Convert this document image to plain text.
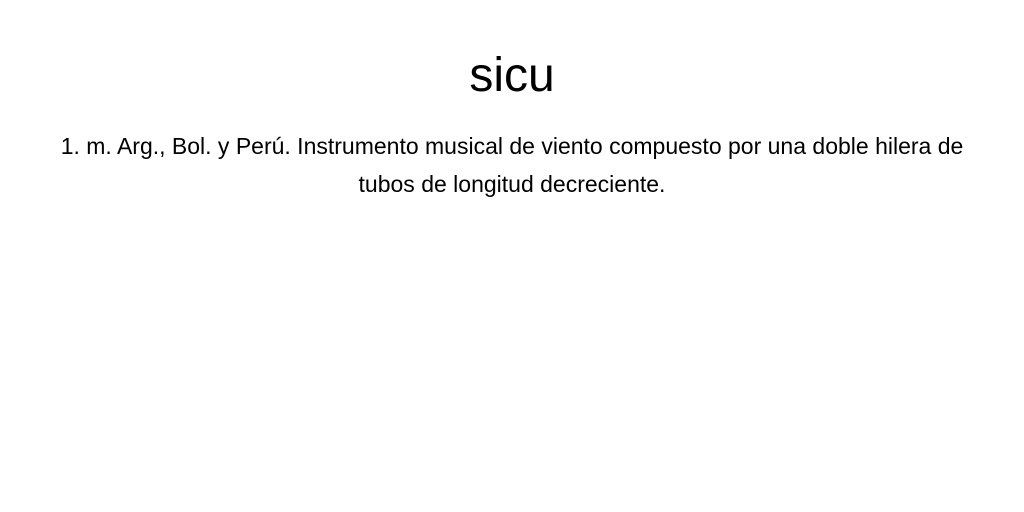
sicu

1. m. Arg., Bol. y Perú. Instrumento musical de viento compuesto por una doble hilera de tubos de longitud decreciente.
